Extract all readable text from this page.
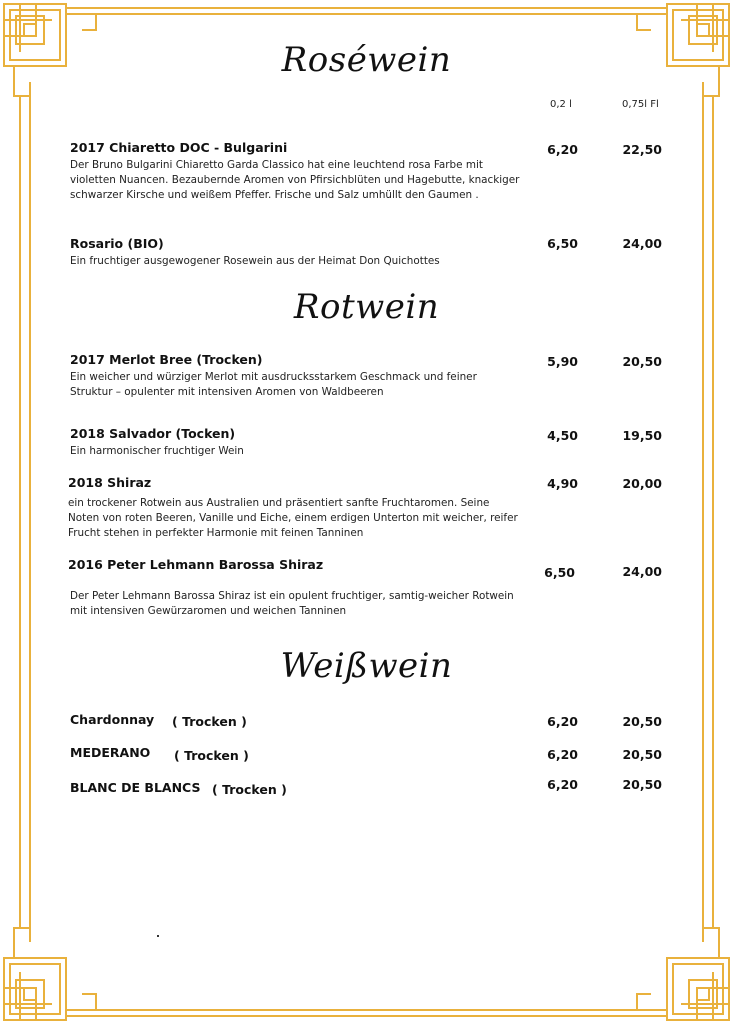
Roséwein
0,2 l	0,75l Fl
2017 Chiaretto DOC - Bulgarini
Der Bruno Bulgarini Chiaretto Garda Classico hat eine leuchtend rosa Farbe mit violetten Nuancen. Bezaubernde Aromen von Pfirsichblüten und Hagebutte, knackiger schwarzer Kirsche und weißem Pfeffer. Frische und Salz umhüllt den Gaumen .
6,20	22,50
Rosario (BIO)
Ein fruchtiger ausgewogener Rosewein aus der Heimat Don Quichottes
6,50	24,00
Rotwein
2017 Merlot Bree (Trocken)
Ein weicher und würziger Merlot mit ausdrucksstarkem Geschmack und feiner Struktur – opulenter mit intensiven Aromen von Waldbeeren
5,90	20,50
2018 Salvador (Tocken)
Ein harmonischer fruchtiger Wein
4,50	19,50
2018 Shiraz
ein trockener Rotwein aus Australien und präsentiert sanfte Fruchtaromen. Seine Noten von roten Beeren, Vanille und Eiche, einem erdigen Unterton mit weicher, reifer Frucht stehen in perfekter Harmonie mit feinen Tanninen
4,90	20,00
2016 Peter Lehmann Barossa Shiraz
Der Peter Lehmann Barossa Shiraz ist ein opulent fruchtiger, samtig-weicher Rotwein mit intensiven Gewürzaromen und weichen Tanninen
6,50	24,00
Weißwein
Chardonnay ( Trocken )	6,20	20,50
MEDERANO ( Trocken )	6,20	20,50
BLANC DE BLANCS ( Trocken )	6,20	20,50
